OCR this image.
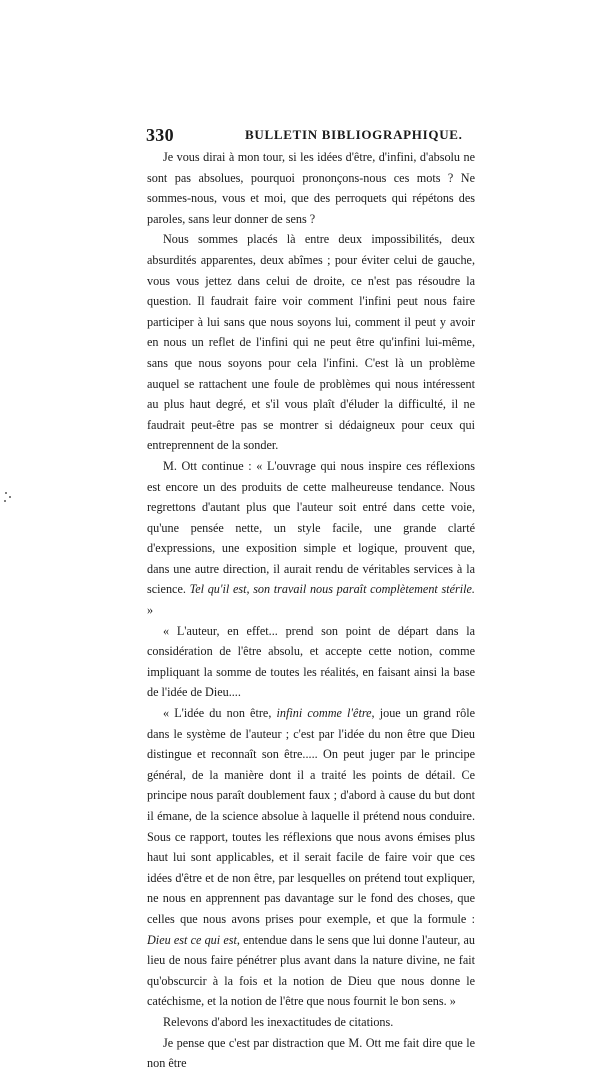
330	BULLETIN BIBLIOGRAPHIQUE.

Je vous dirai à mon tour, si les idées d'être, d'infini, d'absolu ne sont pas absolues, pourquoi prononçons-nous ces mots ? Ne sommes-nous, vous et moi, que des perroquets qui répétons des paroles, sans leur donner de sens ?

Nous sommes placés là entre deux impossibilités, deux absurdités apparentes, deux abîmes ; pour éviter celui de gauche, vous vous jettez dans celui de droite, ce n'est pas résoudre la question. Il faudrait faire voir comment l'infini peut nous faire participer à lui sans que nous soyons lui, comment il peut y avoir en nous un reflet de l'infini qui ne peut être qu'infini lui-même, sans que nous soyons pour cela l'infini. C'est là un problème auquel se rattachent une foule de problèmes qui nous intéressent au plus haut degré, et s'il vous plaît d'éluder la difficulté, il ne faudrait peut-être pas se montrer si dédaigneux pour ceux qui entreprennent de la sonder.

M. Ott continue : « L'ouvrage qui nous inspire ces réflexions est encore un des produits de cette malheureuse tendance. Nous regrettons d'autant plus que l'auteur soit entré dans cette voie, qu'une pensée nette, un style facile, une grande clarté d'expressions, une exposition simple et logique, prouvent que, dans une autre direction, il aurait rendu de véritables services à la science. Tel qu'il est, son travail nous paraît complètement stérile. »

« L'auteur, en effet... prend son point de départ dans la considération de l'être absolu, et accepte cette notion, comme impliquant la somme de toutes les réalités, en faisant ainsi la base de l'idée de Dieu....

« L'idée du non être, infini comme l'être, joue un grand rôle dans le système de l'auteur ; c'est par l'idée du non être que Dieu distingue et reconnaît son être..... On peut juger par le principe général, de la manière dont il a traité les points de détail. Ce principe nous paraît doublement faux ; d'abord à cause du but dont il émane, de la science absolue à laquelle il prétend nous conduire. Sous ce rapport, toutes les réflexions que nous avons émises plus haut lui sont applicables, et il serait facile de faire voir que ces idées d'être et de non être, par lesquelles on prétend tout expliquer, ne nous en apprennent pas davantage sur le fond des choses, que celles que nous avons prises pour exemple, et que la formule : Dieu est ce qui est, entendue dans le sens que lui donne l'auteur, au lieu de nous faire pénétrer plus avant dans la nature divine, ne fait qu'obscurcir à la fois et la notion de Dieu que nous donne le catéchisme, et la notion de l'être que nous fournit le bon sens. »

Relevons d'abord les inexactitudes de citations.

Je pense que c'est par distraction que M. Ott me fait dire que le non être
